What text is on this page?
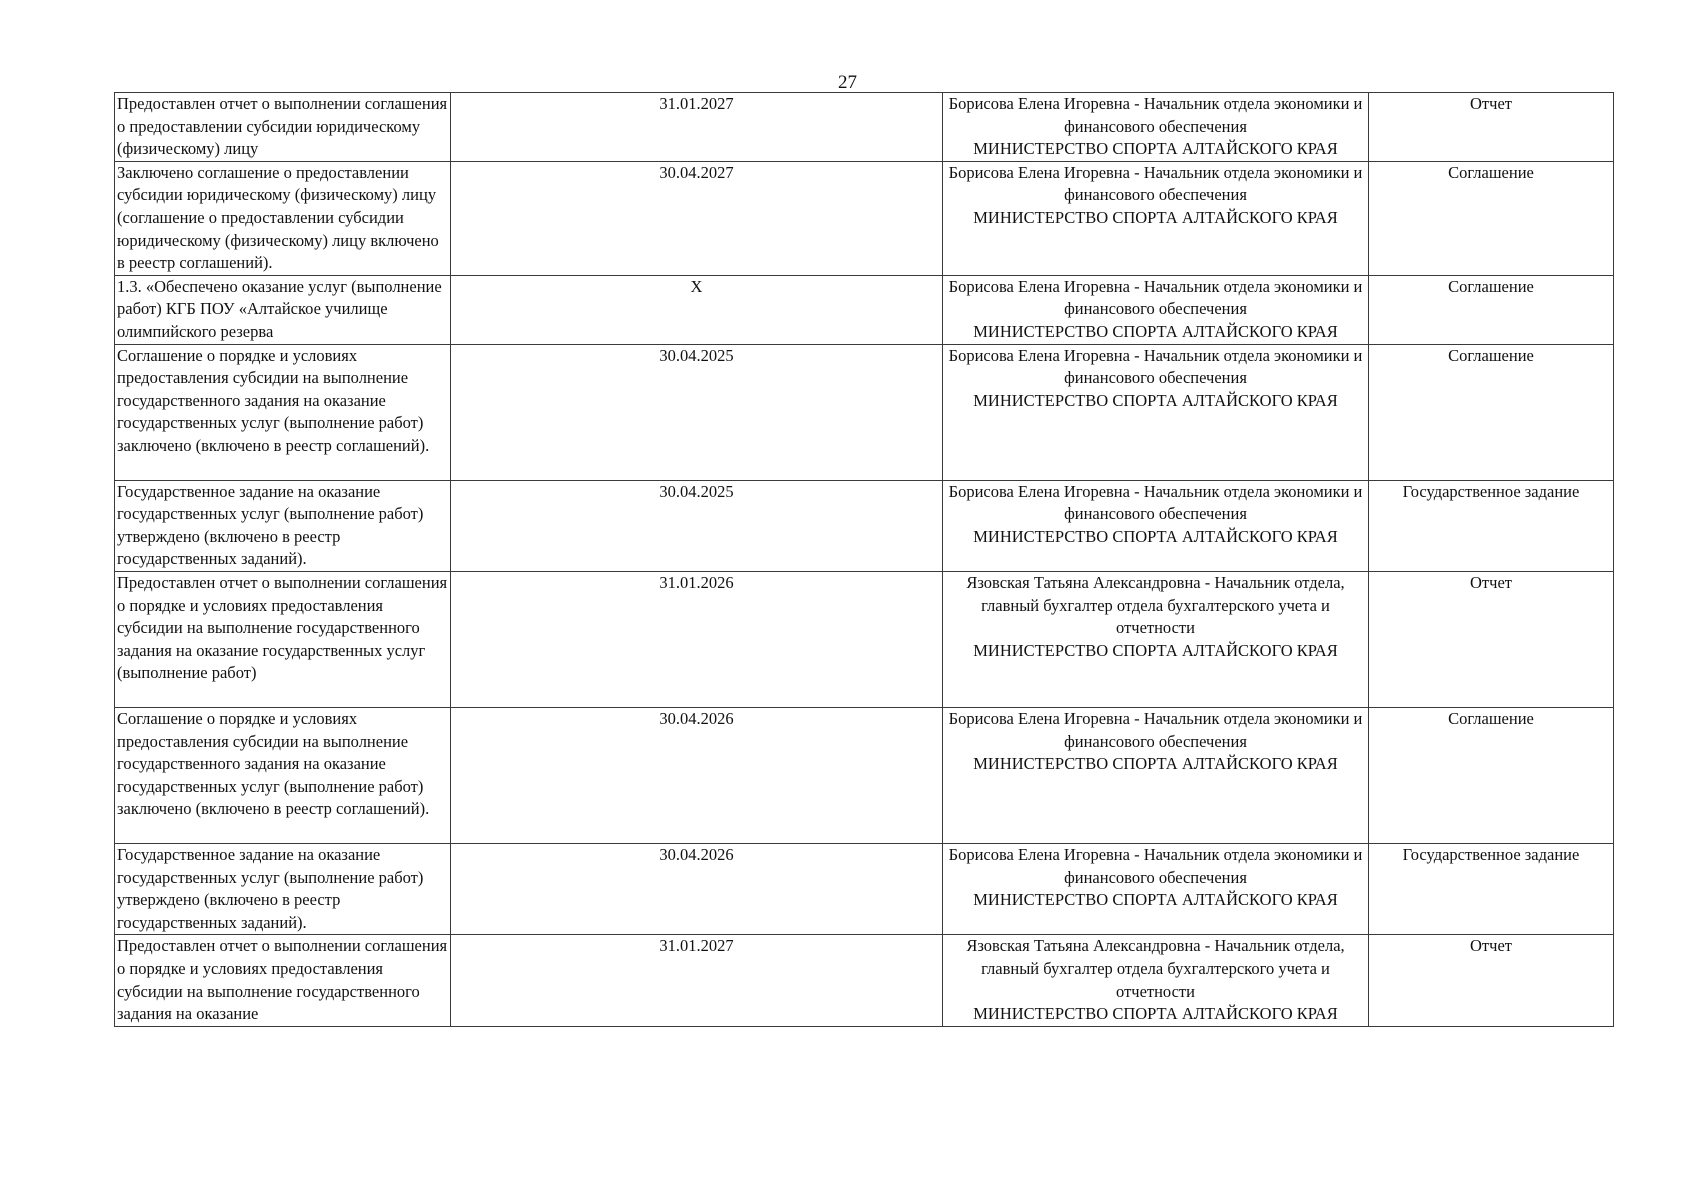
27
Предоставлен отчет о выполнении соглашения о предоставлении субсидии юридическому (физическому) лицу	31.01.2027	Борисова Елена Игоревна - Начальник отдела экономики и финансового обеспечения
МИНИСТЕРСТВО СПОРТА АЛТАЙСКОГО КРАЯ	Отчет
Заключено соглашение о предоставлении субсидии юридическому (физическому) лицу (соглашение о предоставлении субсидии юридическому (физическому) лицу включено в реестр соглашений).	30.04.2027	Борисова Елена Игоревна - Начальник отдела экономики и финансового обеспечения
МИНИСТЕРСТВО СПОРТА АЛТАЙСКОГО КРАЯ	Соглашение
1.3. «Обеспечено оказание услуг (выполнение работ) КГБ ПОУ «Алтайское училище олимпийского резерва	X	Борисова Елена Игоревна - Начальник отдела экономики и финансового обеспечения
МИНИСТЕРСТВО СПОРТА АЛТАЙСКОГО КРАЯ	Соглашение
Соглашение о порядке и условиях предоставления субсидии на выполнение государственного задания на оказание государственных услуг (выполнение работ) заключено (включено в реестр соглашений).	30.04.2025	Борисова Елена Игоревна - Начальник отдела экономики и финансового обеспечения
МИНИСТЕРСТВО СПОРТА АЛТАЙСКОГО КРАЯ	Соглашение
Государственное задание на оказание государственных услуг (выполнение работ) утверждено (включено в реестр государственных заданий).	30.04.2025	Борисова Елена Игоревна - Начальник отдела экономики и финансового обеспечения
МИНИСТЕРСТВО СПОРТА АЛТАЙСКОГО КРАЯ	Государственное задание
Предоставлен отчет о выполнении соглашения о порядке и условиях предоставления субсидии на выполнение государственного задания на оказание государственных услуг (выполнение работ)	31.01.2026	Язовская Татьяна Александровна - Начальник отдела, главный бухгалтер отдела бухгалтерского учета и отчетности
МИНИСТЕРСТВО СПОРТА АЛТАЙСКОГО КРАЯ	Отчет
Соглашение о порядке и условиях предоставления субсидии на выполнение государственного задания на оказание государственных услуг (выполнение работ) заключено (включено в реестр соглашений).	30.04.2026	Борисова Елена Игоревна - Начальник отдела экономики и финансового обеспечения
МИНИСТЕРСТВО СПОРТА АЛТАЙСКОГО КРАЯ	Соглашение
Государственное задание на оказание государственных услуг (выполнение работ) утверждено (включено в реестр государственных заданий).	30.04.2026	Борисова Елена Игоревна - Начальник отдела экономики и финансового обеспечения
МИНИСТЕРСТВО СПОРТА АЛТАЙСКОГО КРАЯ	Государственное задание
Предоставлен отчет о выполнении соглашения о порядке и условиях предоставления субсидии на выполнение государственного задания на оказание	31.01.2027	Язовская Татьяна Александровна - Начальник отдела, главный бухгалтер отдела бухгалтерского учета и отчетности
МИНИСТЕРСТВО СПОРТА АЛТАЙСКОГО КРАЯ	Отчет
